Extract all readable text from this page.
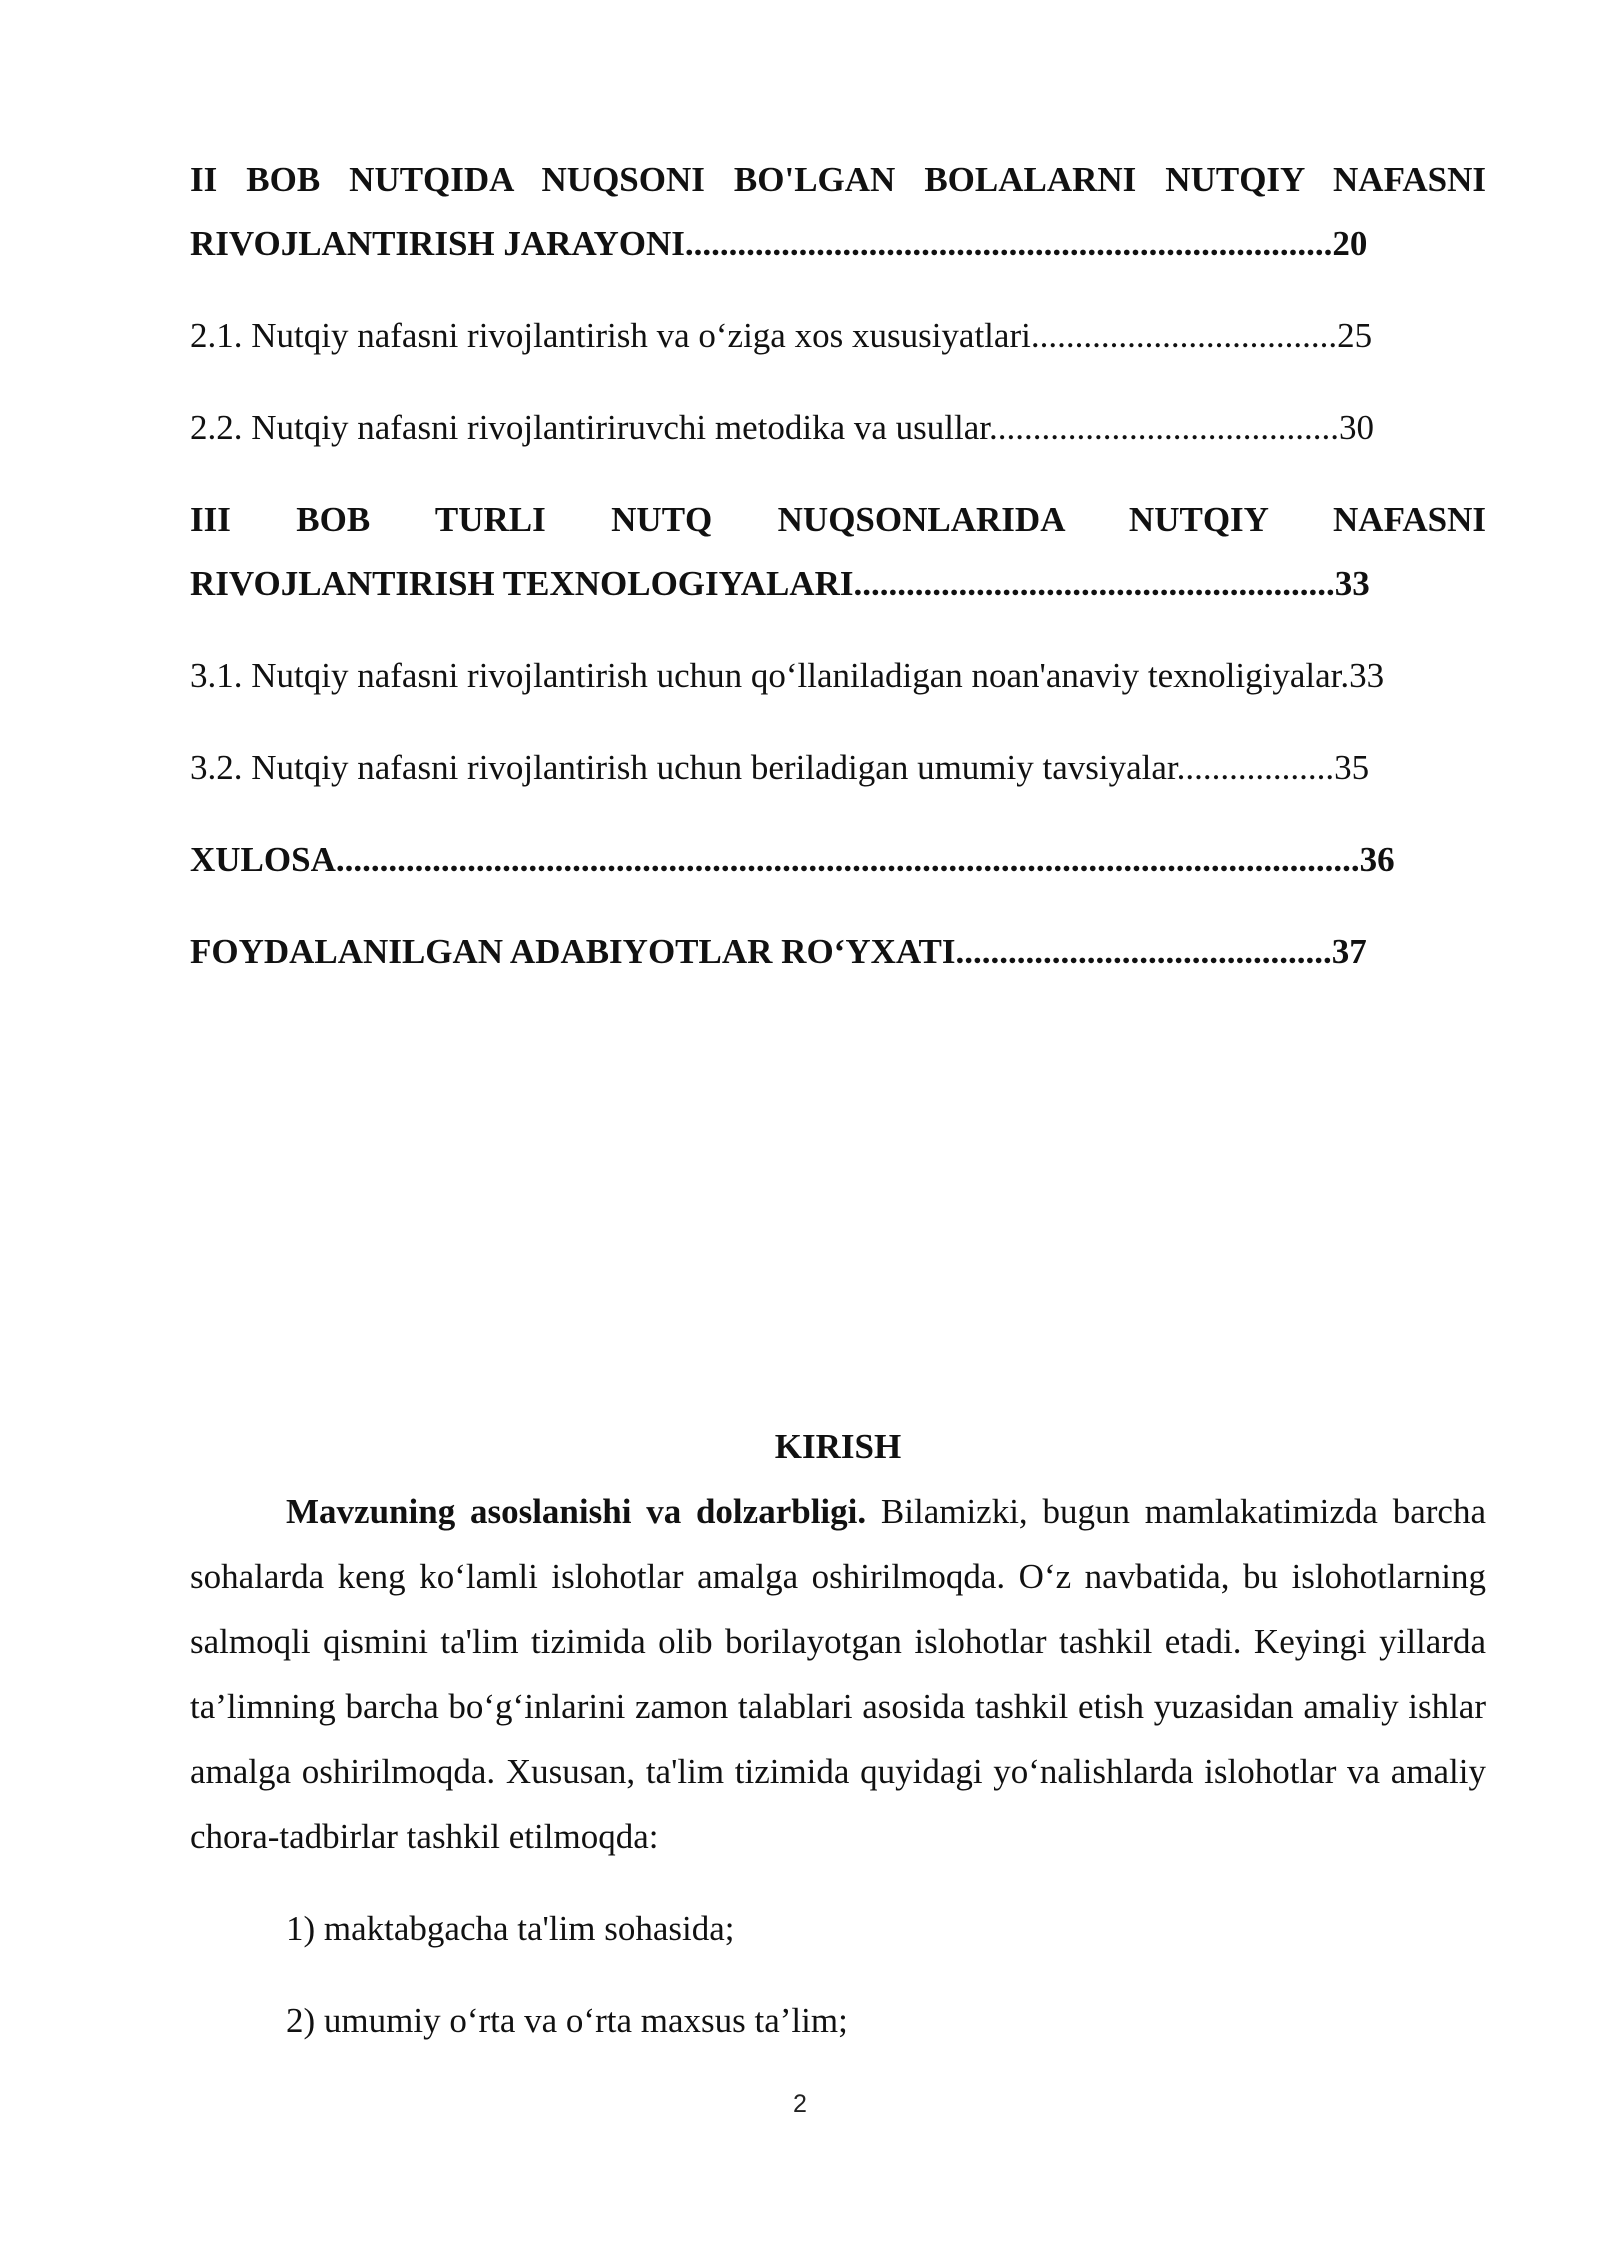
II BOB NUTQIDA NUQSONI BO'LGAN BOLALARNI NUTQIY NAFASNI
RIVOJLANTIRISH JARAYONI..........................................................................20
2.1. Nutqiy nafasni rivojlantirish va o‘ziga xos xususiyatlari...................................25
2.2. Nutqiy nafasni rivojlantiriruvchi metodika va usullar........................................30
III BOB TURLI NUTQ NUQSONLARIDA NUTQIY NAFASNI
RIVOJLANTIRISH TEXNOLOGIYALARI.......................................................33
3.1. Nutqiy nafasni rivojlantirish uchun qo‘llaniladigan noan'anaviy texnoligiyalar.33
3.2. Nutqiy nafasni rivojlantirish uchun beriladigan umumiy tavsiyalar..................35
XULOSA.....................................................................................................................36
FOYDALANILGAN ADABIYOTLAR RO‘YXATI...........................................37
KIRISH

Mavzuning asoslanishi va dolzarbligi. Bilamizki, bugun mamlakatimizda barcha sohalarda keng ko‘lamli islohotlar amalga oshirilmoqda. O‘z navbatida, bu islohotlarning salmoqli qismini ta'lim tizimida olib borilayotgan islohotlar tashkil etadi. Keyingi yillarda ta’limning barcha bo‘g‘inlarini zamon talablari asosida tashkil etish yuzasidan amaliy ishlar amalga oshirilmoqda. Xususan, ta'lim tizimida quyidagi yo‘nalishlarda islohotlar va amaliy chora-tadbirlar tashkil etilmoqda:

1) maktabgacha ta'lim sohasida;
2) umumiy o‘rta va o‘rta maxsus ta’lim;
2
